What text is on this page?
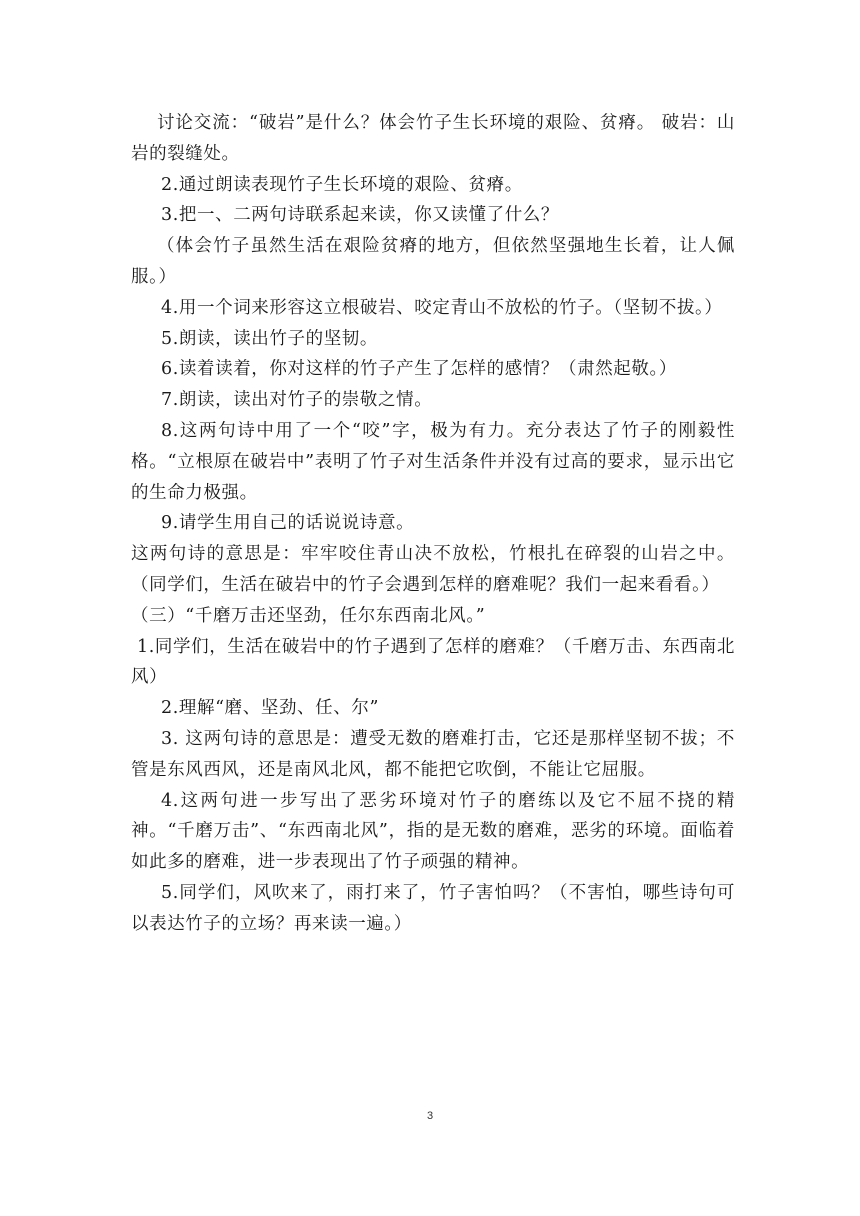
讨论交流：“破岩”是什么？体会竹子生长环境的艰险、贫瘠。 破岩：山岩的裂缝处。

2.通过朗读表现竹子生长环境的艰险、贫瘠。

3.把一、二两句诗联系起来读，你又读懂了什么？

（体会竹子虽然生活在艰险贫瘠的地方，但依然坚强地生长着，让人佩服。）

4.用一个词来形容这立根破岩、咬定青山不放松的竹子。（坚韧不拔。）

5.朗读，读出竹子的坚韧。

6.读着读着，你对这样的竹子产生了怎样的感情？（肃然起敬。）

7.朗读，读出对竹子的崇敬之情。

8.这两句诗中用了一个“咬”字，极为有力。充分表达了竹子的刚毅性格。“立根原在破岩中”表明了竹子对生活条件并没有过高的要求，显示出它的生命力极强。

9.请学生用自己的话说说诗意。

这两句诗的意思是：牢牢咬住青山决不放松，竹根扎在碎裂的山岩之中。（同学们，生活在破岩中的竹子会遇到怎样的磨难呢？我们一起来看看。）

（三）“千磨万击还坚劲，任尔东西南北风。”

1.同学们，生活在破岩中的竹子遇到了怎样的磨难？（千磨万击、东西南北风）

2.理解“磨、坚劲、任、尔”

3. 这两句诗的意思是：遭受无数的磨难打击，它还是那样坚韧不拔；不管是东风西风，还是南风北风，都不能把它吹倒，不能让它屈服。

4.这两句进一步写出了恶劣环境对竹子的磨练以及它不屈不挠的精神。“千磨万击”、“东西南北风”，指的是无数的磨难，恶劣的环境。面临着如此多的磨难，进一步表现出了竹子顽强的精神。

5.同学们，风吹来了，雨打来了，竹子害怕吗？（不害怕，哪些诗句可以表达竹子的立场？再来读一遍。）

3
